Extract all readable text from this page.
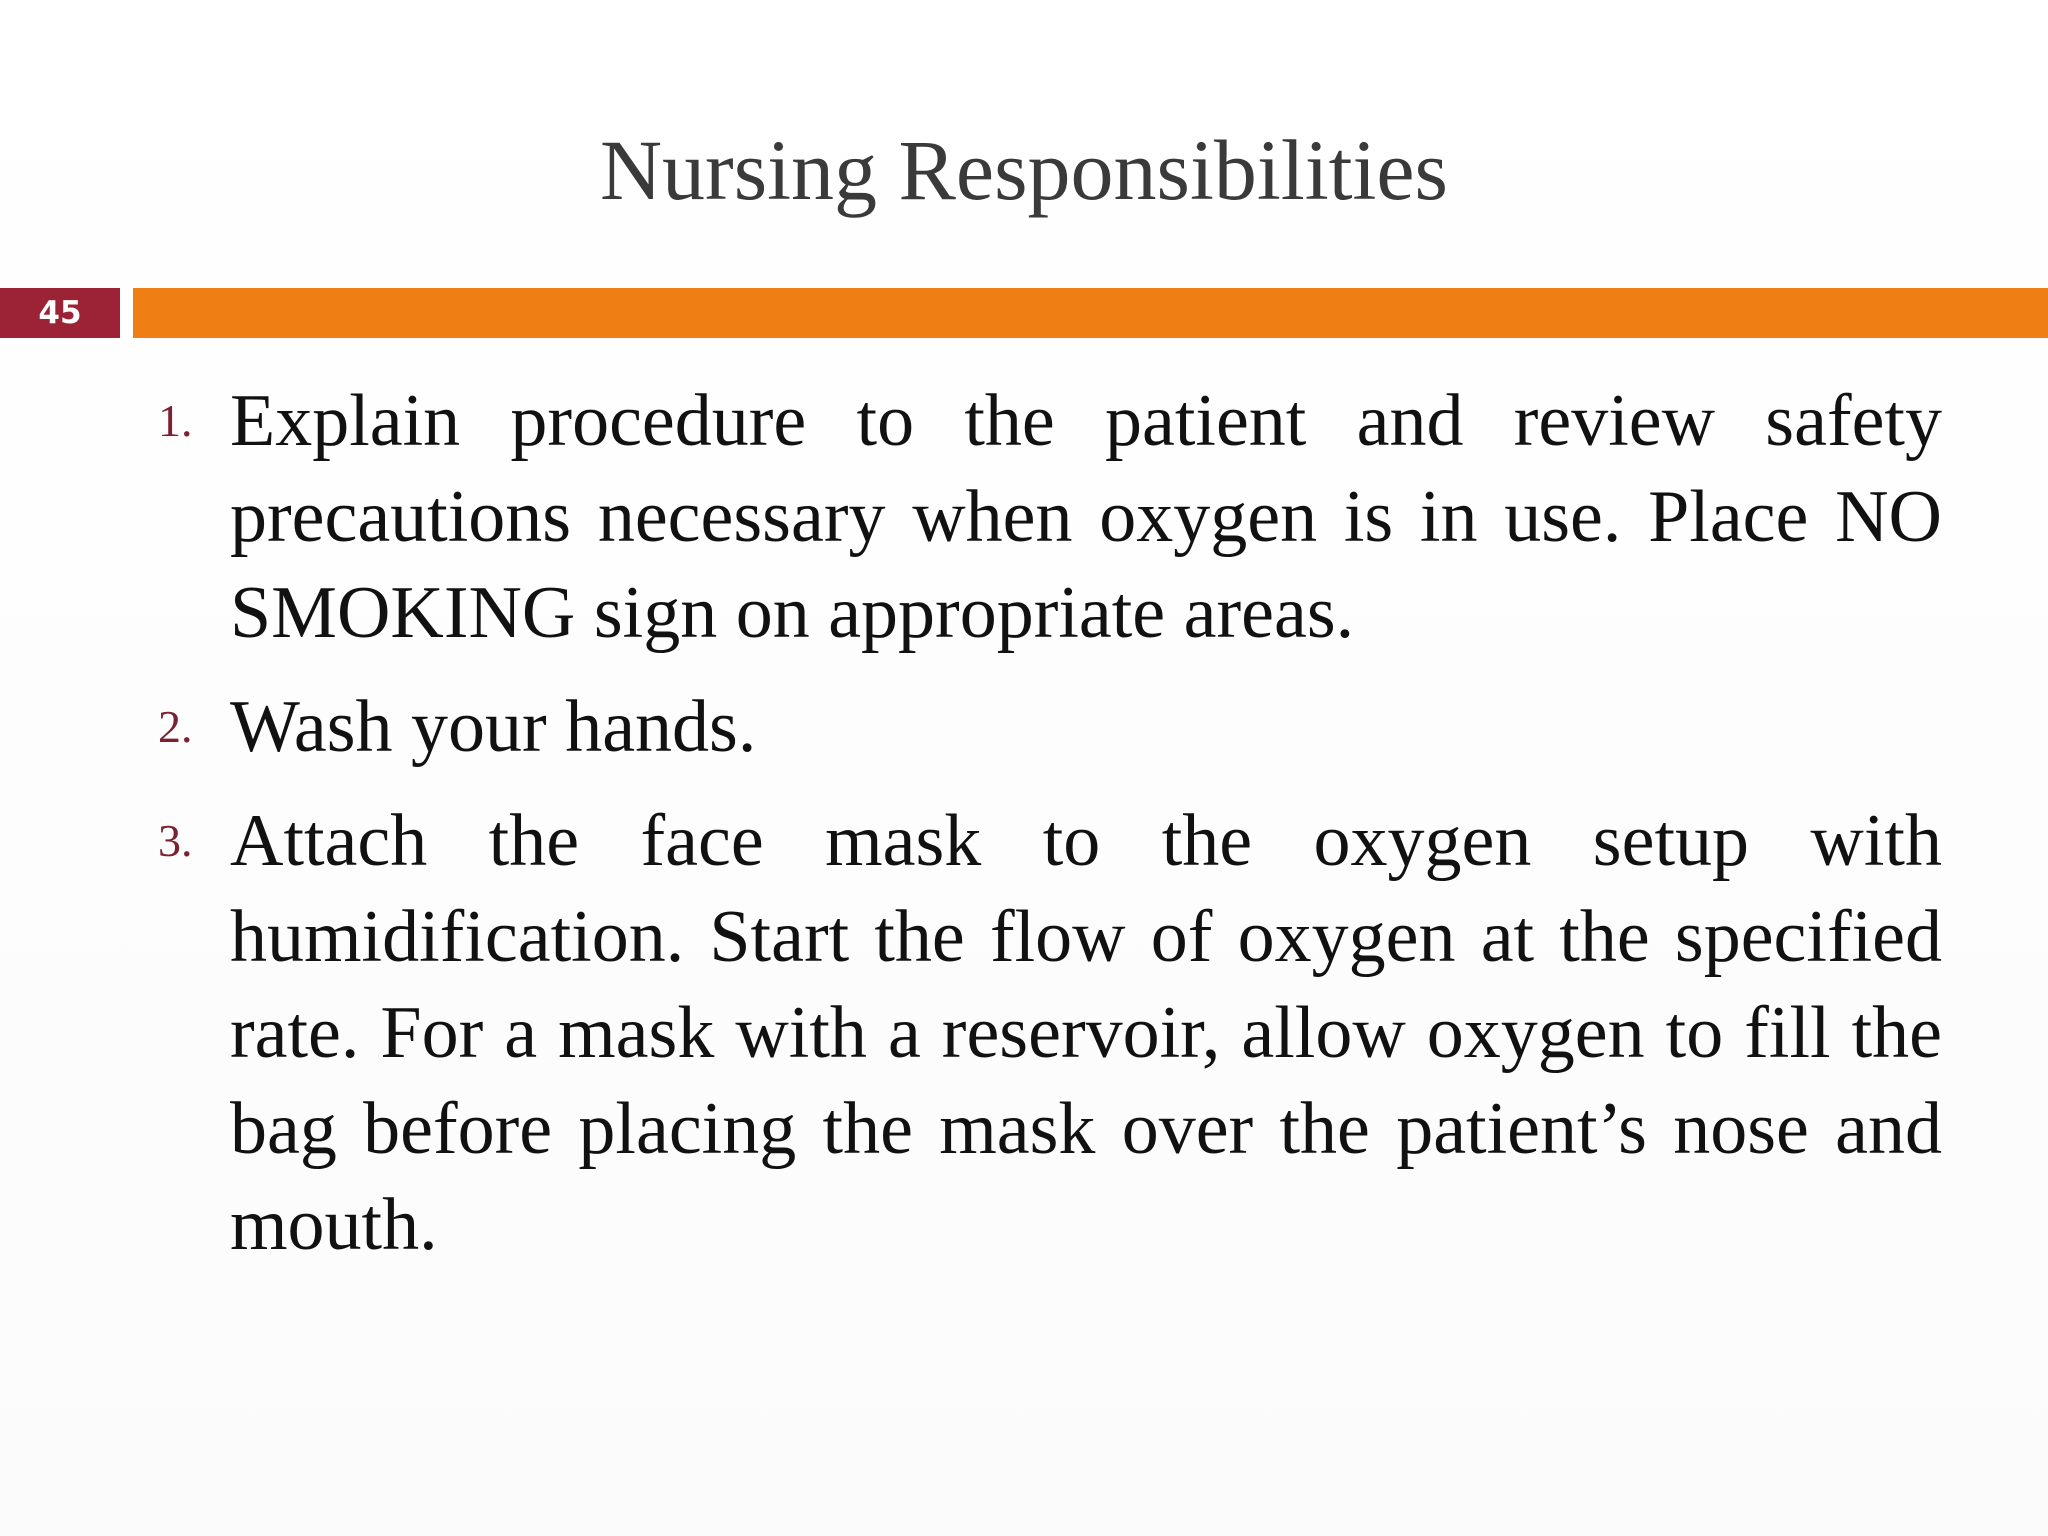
Nursing Responsibilities
45
1. Explain procedure to the patient and review safety precautions necessary when oxygen is in use. Place NO SMOKING sign on appropriate areas.
2. Wash your hands.
3. Attach the face mask to the oxygen setup with humidification. Start the flow of oxygen at the specified rate. For a mask with a reservoir, allow oxygen to fill the bag before placing the mask over the patient’s nose and mouth.
